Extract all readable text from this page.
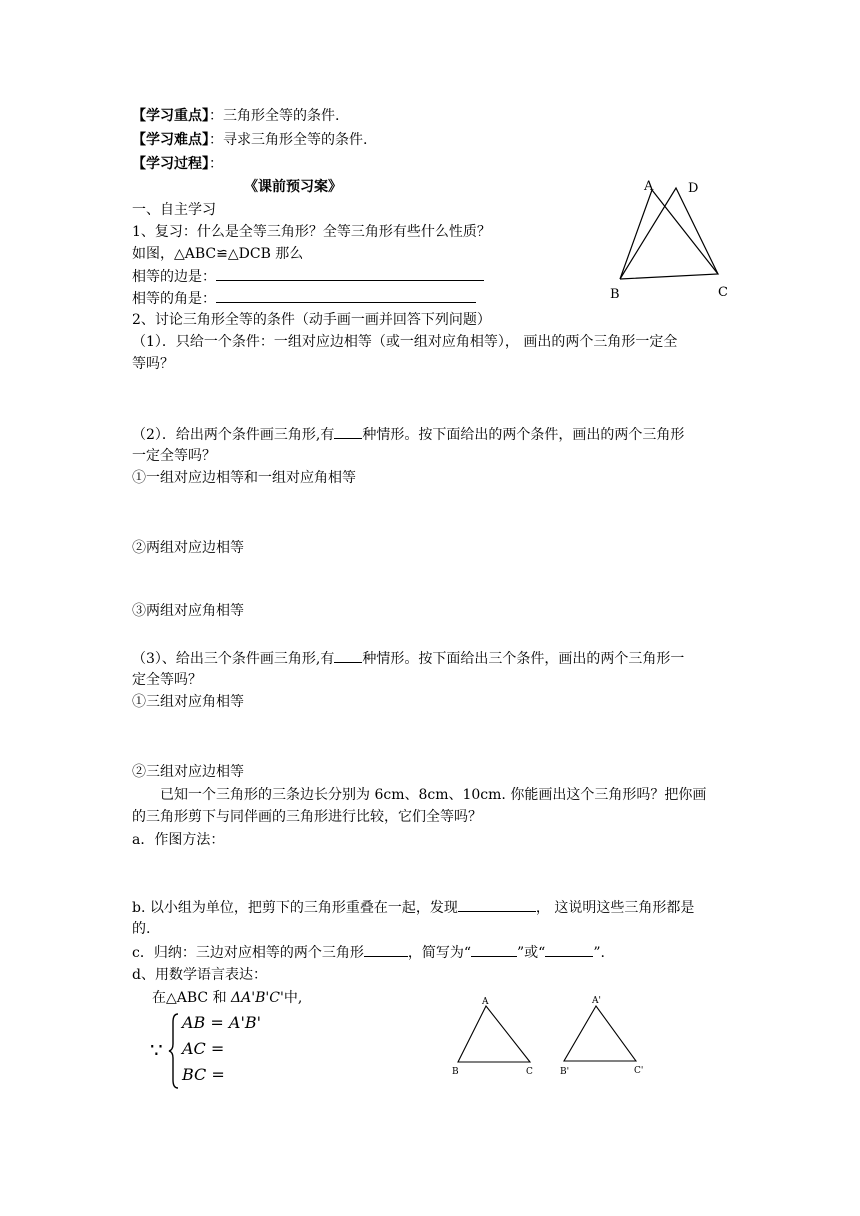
【学习重点】：三角形全等的条件.
【学习难点】：寻求三角形全等的条件.
【学习过程】：
《课前预习案》
一、自主学习
1、复习：什么是全等三角形？全等三角形有些什么性质？
如图，△ABC≌△DCB 那么
相等的边是：
相等的角是：
A	D
B	C
2、讨论三角形全等的条件（动手画一画并回答下列问题）
（1）．只给一个条件：一组对应边相等（或一组对应角相等）， 画出的两个三角形一定全
等吗？
（2）．给出两个条件画三角形,有 种情形。按下面给出的两个条件，画出的两个三角形
一定全等吗？
①一组对应边相等和一组对应角相等
②两组对应边相等
③两组对应角相等
（3）、给出三个条件画三角形,有 种情形。按下面给出三个条件，画出的两个三角形一
定全等吗？
①三组对应角相等
②三组对应边相等
已知一个三角形的三条边长分别为 6cm、8cm、10cm. 你能画出这个三角形吗？把你画
的三角形剪下与同伴画的三角形进行比较，它们全等吗？
a．作图方法：
b. 以小组为单位，把剪下的三角形重叠在一起，发现	， 这说明这些三角形都是
的.
c．归纳：三边对应相等的两个三角形	，简写为“	”或“	”.
d、用数学语言表达：
在△ABC 和 ΔA'B'C'中,
∵
AB = A'B'
AC =
BC =
A
B	C
A'
B'	C'
